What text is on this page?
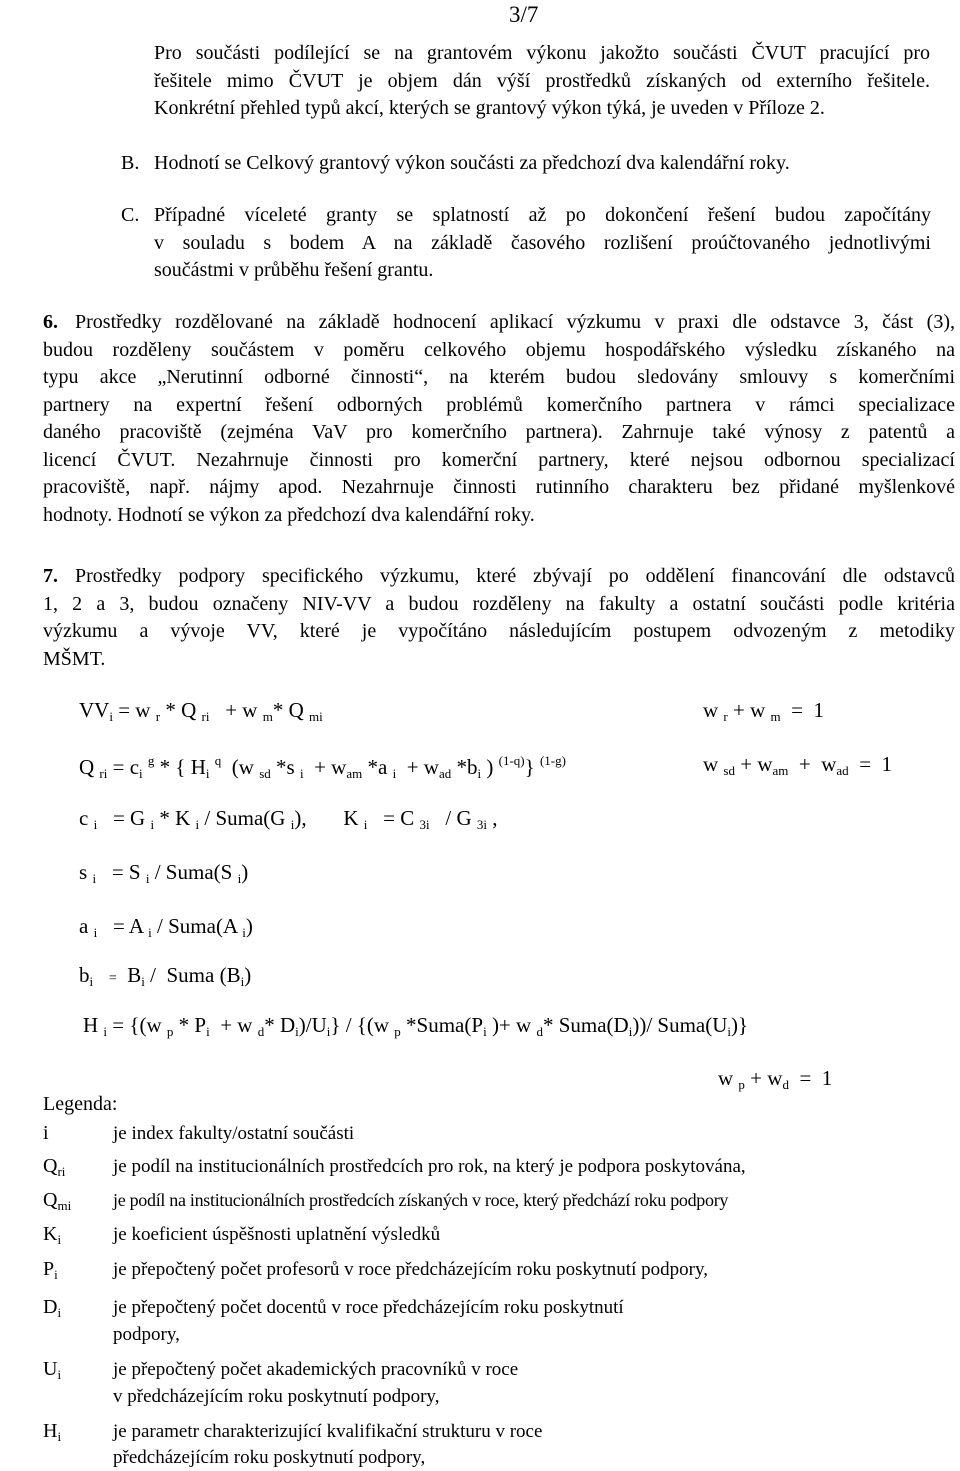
3/7
Pro součásti podílející se na grantovém výkonu jakožto součásti ČVUT pracující pro
řešitele mimo ČVUT je objem dán výší prostředků získaných od externího řešitele.
Konkrétní přehled typů akcí, kterých se grantový výkon týká, je uveden v Příloze 2.
B. Hodnotí se Celkový grantový výkon součásti za předchozí dva kalendářní roky.
C. Případné víceleté granty se splatností až po dokončení řešení budou započítány
v souladu s bodem A na základě časového rozlišení proúčtovaného jednotlivými
součástmi v průběhu řešení grantu.
6. Prostředky rozdělované na základě hodnocení aplikací výzkumu v praxi dle odstavce 3, část (3),
budou rozděleny součástem v poměru celkového objemu hospodářského výsledku získaného na
typu akce „Nerutinní odborné činnosti“, na kterém budou sledovány smlouvy s komerčními
partnery na expertní řešení odborných problémů komerčního partnera v rámci specializace
daného pracoviště (zejména VaV pro komerčního partnera). Zahrnuje také výnosy z patentů a
licencí ČVUT. Nezahrnuje činnosti pro komerční partnery, které nejsou odbornou specializací
pracoviště, např. nájmy apod. Nezahrnuje činnosti rutinního charakteru bez přidané myšlenkové
hodnoty. Hodnotí se výkon za předchozí dva kalendářní roky.
7. Prostředky podpory specifického výzkumu, které zbývají po oddělení financování dle odstavců
1, 2 a 3, budou označeny NIV-VV a budou rozděleny na fakulty a ostatní součásti podle kritéria
výzkumu a vývoje VV, které je vypočítáno následujícím postupem odvozeným z metodiky
MŠMT.
$VV_i = w$ $_r$ * Q $_{ri}$   + w $_m$* Q $_{mi}$	w $_r$ + w $_m$  =  1
Q $_{ri} = c_i$ $^g$ * { $H_i$ $^q$  (w $_{sd}$ *s $_i + w_{am}$ *a $_i + w_{ad}$ $*b_i$ ) $^{(1-q)}$} $^{(1-g)}$	w $_{sd} + w_{am} + w_{ad} = 1$
c $_i$   = G $_i$ * K $_i$ / Suma(G $_i$),       K $_i$   = C $_{3i}$   / G $_{3i}$ ,
s $_i$   = S $_i$ / Suma(S $_i$)
a $_i$   = A $_i$ / Suma(A $_i$)
$b_i = B_i$ /  Suma $(B_i)$
H $_i$ = {(w $_p * P_i + w$ $_d$* $D_i)/U_i\} / \{(w$ $_p$ $*Suma(P_i$ )+ w $_d$* $Suma(D_i))/$ $Suma(U_i)$}
w $_p + w_d = 1$
Legenda:
i	je index fakulty/ostatní součásti
$Q_{ri}$	je podíl na institucionálních prostředcích pro rok, na který je podpora poskytována,
$Q_{mi}$ je podíl na institucionálních prostředcích získaných v roce, který předchází roku podpory
$K_i$	je koeficient úspěšnosti uplatnění výsledků
$P_i$	je přepočtený počet profesorů v roce předcházejícím roku poskytnutí podpory,
$D_i$	je přepočtený počet docentů v roce předcházejícím roku poskytnutí
podpory,
$U_i$	je přepočtený počet akademických pracovníků v roce
v předcházejícím roku poskytnutí podpory,
$H_i$	je parametr charakterizující kvalifikační strukturu v roce
předcházejícím roku poskytnutí podpory,
